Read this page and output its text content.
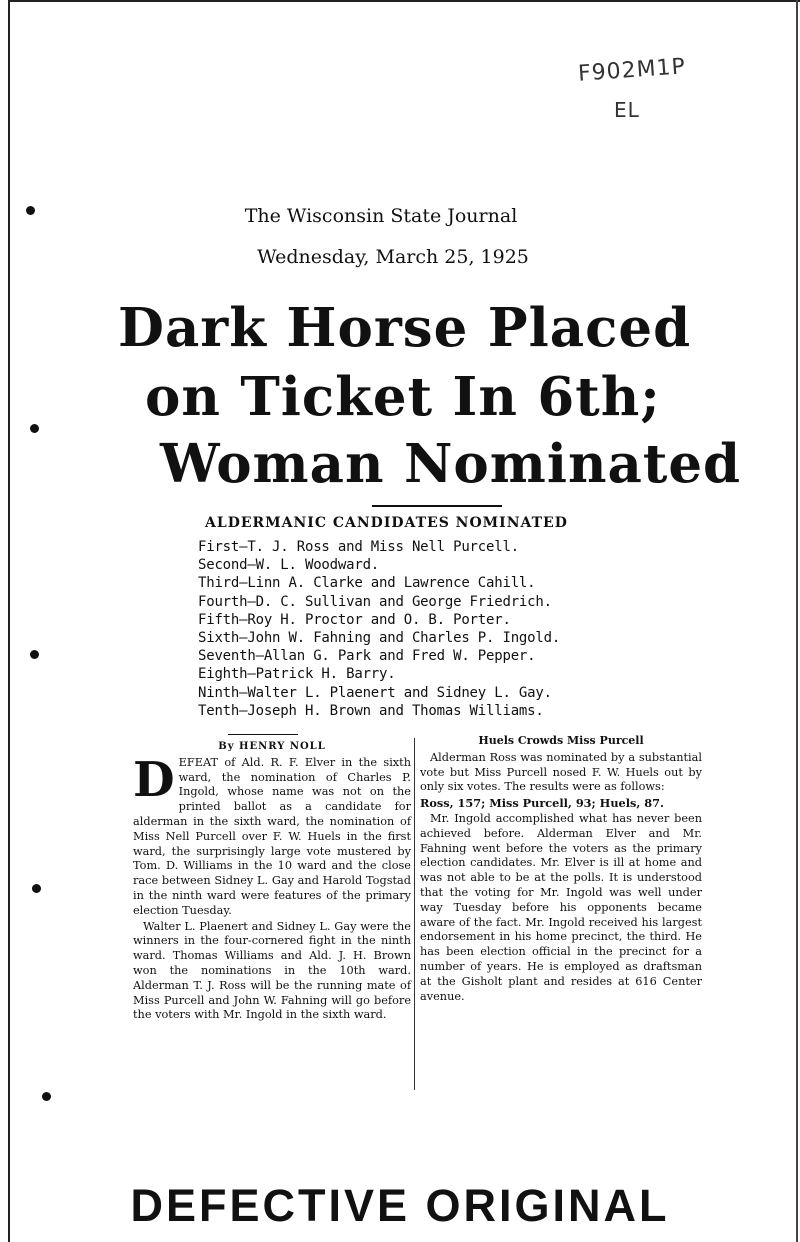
F902M1P
EL
The Wisconsin State Journal
Wednesday, March 25, 1925
Dark Horse Placed
on Ticket In 6th;
Woman Nominated
ALDERMANIC CANDIDATES NOMINATED
First—T. J. Ross and Miss Nell Purcell.
Second—W. L. Woodward.
Third—Linn A. Clarke and Lawrence Cahill.
Fourth—D. C. Sullivan and George Friedrich.
Fifth—Roy H. Proctor and O. B. Porter.
Sixth—John W. Fahning and Charles P. Ingold.
Seventh—Allan G. Park and Fred W. Pepper.
Eighth—Patrick H. Barry.
Ninth—Walter L. Plaenert and Sidney L. Gay.
Tenth—Joseph H. Brown and Thomas Williams.
By HENRY NOLL
D EFEAT of Ald. R. F. Elver in the sixth ward, the nomination of Charles P. Ingold, whose name was not on the printed ballot as a candidate for alderman in the sixth ward, the nomination of Miss Nell Purcell over F. W. Huels in the first ward, the surprisingly large vote mustered by Tom. D. Williams in the 10 ward and the close race between Sidney L. Gay and Harold Togstad in the ninth ward were features of the primary election Tuesday.

Walter L. Plaenert and Sidney L. Gay were the winners in the four-cornered fight in the ninth ward. Thomas Williams and Ald. J. H. Brown won the nominations in the 10th ward. Alderman T. J. Ross will be the running mate of Miss Purcell and John W. Fahning will go before the voters with Mr. Ingold in the sixth ward.

Huels Crowds Miss Purcell

Alderman Ross was nominated by a substantial vote but Miss Purcell nosed F. W. Huels out by only six votes. The results were as follows:

Ross, 157; Miss Purcell, 93; Huels, 87.

Mr. Ingold accomplished what has never been achieved before. Alderman Elver and Mr. Fahning went before the voters as the primary election candidates. Mr. Elver is ill at home and was not able to be at the polls. It is understood that the voting for Mr. Ingold was well under way Tuesday before his opponents became aware of the fact. Mr. Ingold received his largest endorsement in his home precinct, the third. He has been election official in the precinct for a number of years. He is employed as draftsman at the Gisholt plant and resides at 616 Center avenue.

DEFECTIVE ORIGINAL
